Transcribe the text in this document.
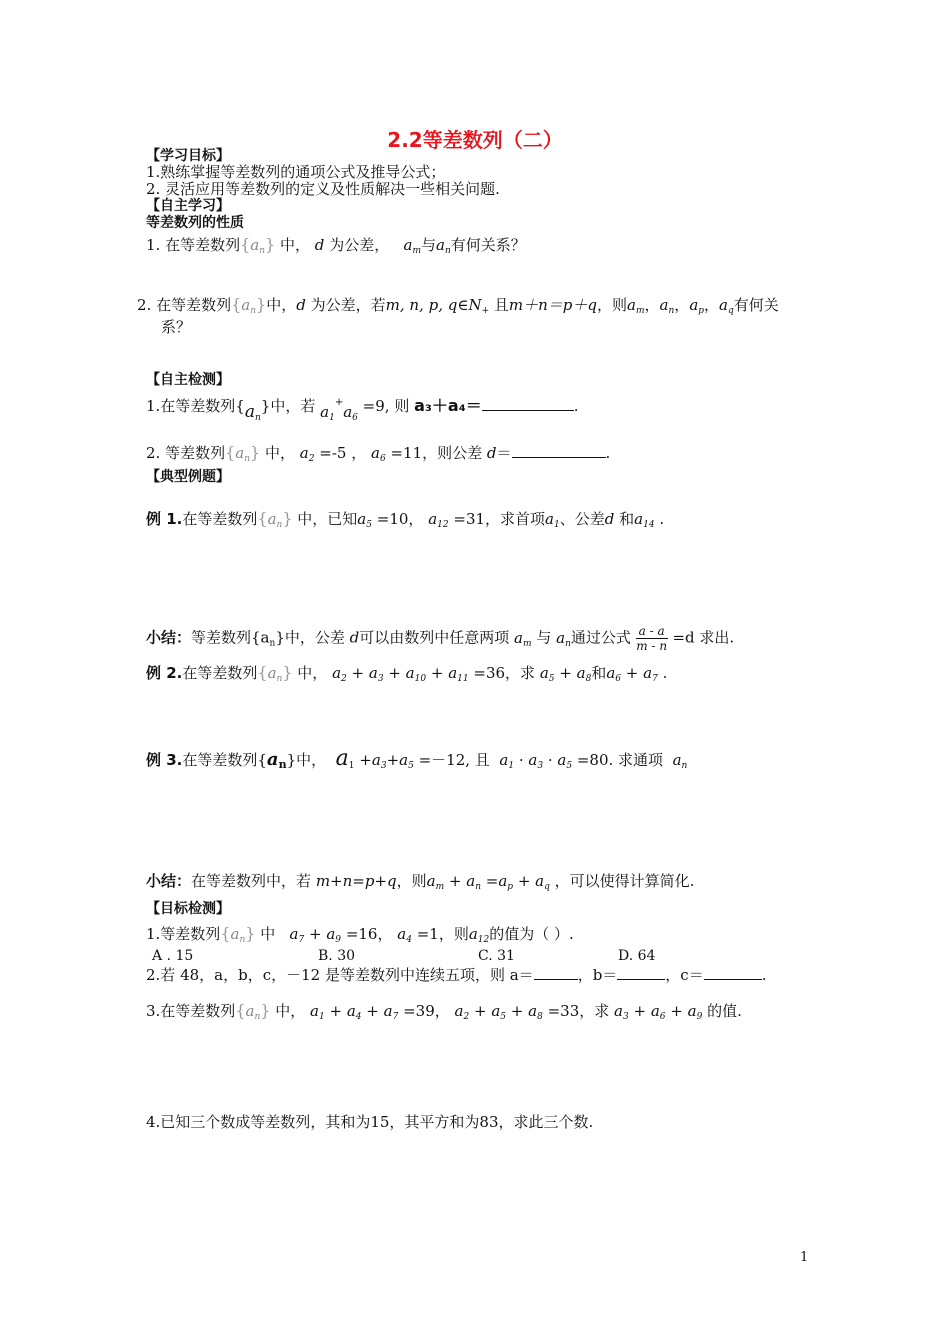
2.2等差数列（二）
【学习目标】
1.熟练掌握等差数列的通项公式及推导公式；
2. 灵活应用等差数列的定义及性质解决一些相关问题.
【自主学习】
等差数列的性质
1. 在等差数列$\{a_n\}$ 中， d 为公差， $a_m$与$a_n$有何关系？
2. 在等差数列$\{a_n\}$中，d 为公差，若m, n, p, $q\in N_+$ 且m＋n＝p＋q，则$a_m$，$a_n$，$a_p$，$a_q$有何关
系？
【自主检测】
1.在等差数列$\{a_n\}$中，若 $a_1^+a_6 =9$, 则 a₃＋a₄＝	.
2. 等差数列$\{a_n\}$ 中， $a_2 =-5$ ， $a_6 =11$，则公差 d＝	.
【典型例题】
例 1.在等差数列$\{a_n\}$ 中，已知$a_5 =10$， $a_{12} =31$，求首项$a_1$、公差d 和$a_{14}$ .
小结：等差数列$\{a_n\}$中，公差 d可以由数列中任意两项 $a_m$ 与 $a_n$通过公式 $\frac{a - a}{m - n} =d$ 求出.
例 2.在等差数列$\{a_n\}$ 中， $a_2 + a_3 + a_{10} + a_{11} =36$，求 $a_5 + a_8$和$a_6 + a_7$ .
例 3.在等差数列$\{a_n\}$中， $a_1 +a_3+a_5 =-12$, 且 $a_1 \cdot a_3 \cdot a_5 =80$. 求通项 $a_n$
小结：在等差数列中，若 m+n=p+q，则$a_m + a_n =a_p + a_q$ ，可以使得计算简化.
【目标检测】
1.等差数列$\{a_n\}$ 中 $a_7 + a_9 =16$， $a_4 =1$，则$a_{12}$的值为（ ）.
A . 15	B. 30	C. 31	D. 64
2.若 48，a，b，c，－12 是等差数列中连续五项，则 a＝	，b＝	，c＝	.
3.在等差数列$\{a_n\}$ 中， $a_1 + a_4 + a_7 =39$， $a_2 + a_5 + a_8 =33$，求 $a_3 + a_6 + a_9$ 的值.
4.已知三个数成等差数列，其和为15，其平方和为83，求此三个数.
1
